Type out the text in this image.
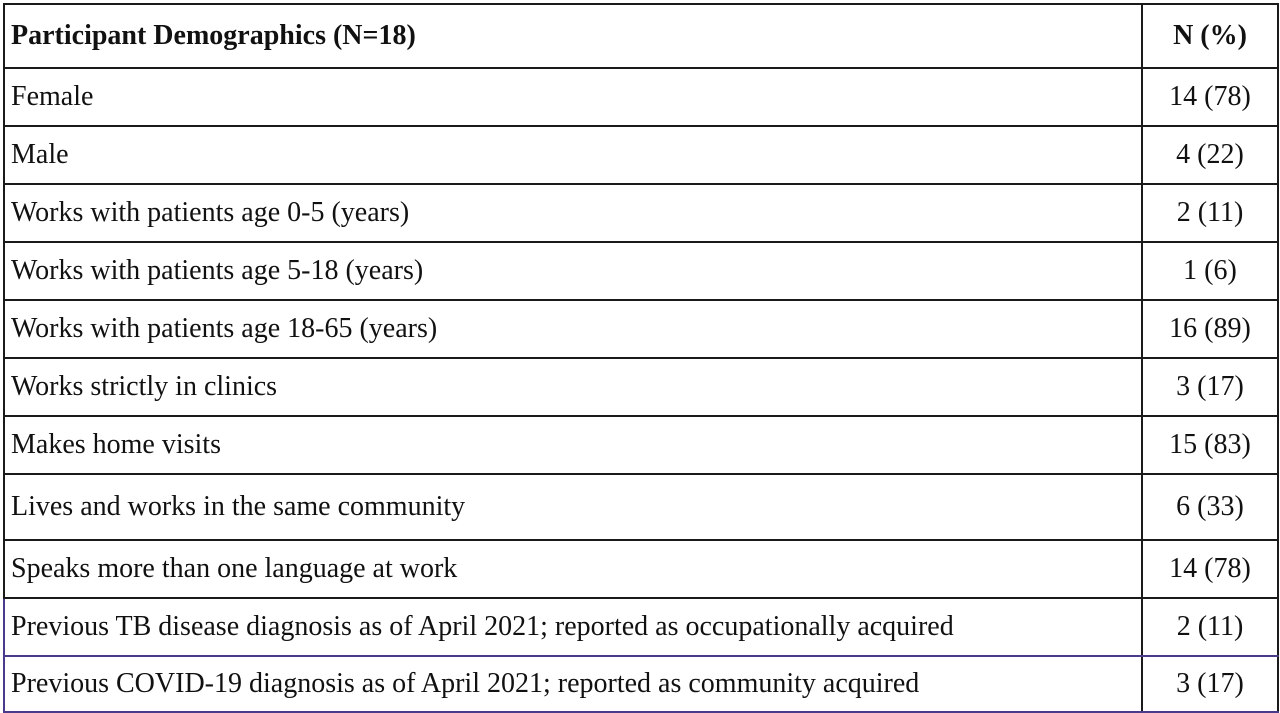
Participant Demographics (N=18)	N (%)
Female	14 (78)
Male	4 (22)
Works with patients age 0-5 (years)	2 (11)
Works with patients age 5-18 (years)	1 (6)
Works with patients age 18-65 (years)	16 (89)
Works strictly in clinics	3 (17)
Makes home visits	15 (83)
Lives and works in the same community	6 (33)
Speaks more than one language at work	14 (78)
Previous TB disease diagnosis as of April 2021; reported as occupationally acquired	2 (11)
Previous COVID-19 diagnosis as of April 2021; reported as community acquired	3 (17)
